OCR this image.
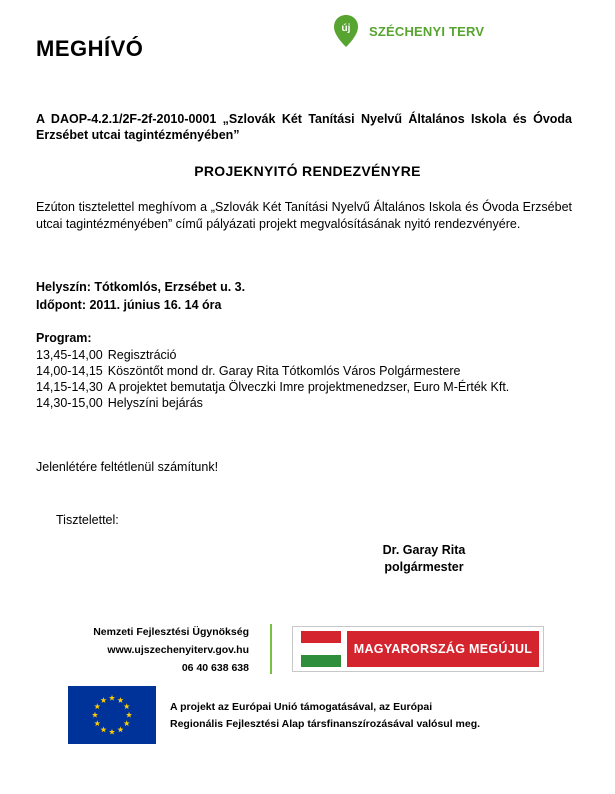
MEGHÍVÓ
új	SZÉCHENYI TERV
A DAOP-4.2.1/2F-2f-2010-0001 „Szlovák Két Tanítási Nyelvű Általános Iskola és Óvoda Erzsébet utcai tagintézményében”
PROJEKNYITÓ RENDEZVÉNYRE
Ezúton tisztelettel meghívom a „Szlovák Két Tanítási Nyelvű Általános Iskola és Óvoda Erzsébet utcai tagintézményében” című pályázati projekt megvalósításának nyitó rendezvényére.
Helyszín: Tótkomlós, Erzsébet u. 3.
Időpont: 2011. június 16. 14 óra
Program:
13,45-14,00 Regisztráció
14,00-14,15 Köszöntőt mond dr. Garay Rita Tótkomlós Város Polgármestere
14,15-14,30 A projektet bemutatja Ölveczki Imre projektmenedzser, Euro M-Érték Kft.
14,30-15,00 Helyszíni bejárás
Jelenlétére feltétlenül számítunk!
Tisztelettel:
Dr. Garay Rita
polgármester
Nemzeti Fejlesztési Ügynökség
www.ujszechenyiterv.gov.hu
06 40 638 638
MAGYARORSZÁG MEGÚJUL
A projekt az Európai Unió támogatásával, az Európai
Regionális Fejlesztési Alap társfinanszírozásával valósul meg.
